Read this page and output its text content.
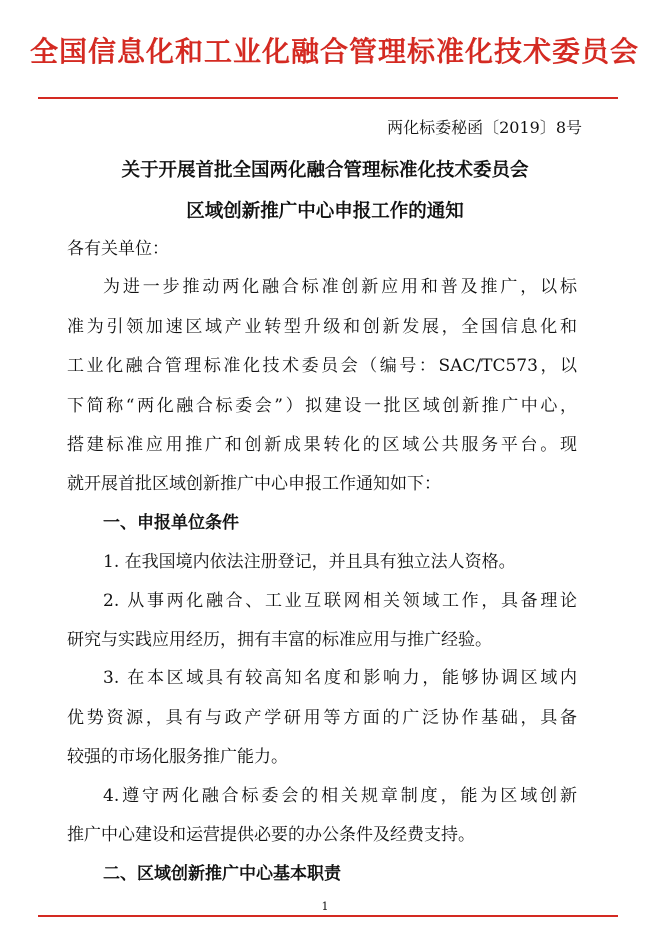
全国信息化和工业化融合管理标准化技术委员会
两化标委秘函〔2019〕8号
关于开展首批全国两化融合管理标准化技术委员会
区域创新推广中心申报工作的通知
各有关单位：
为进一步推动两化融合标准创新应用和普及推广，以标
准为引领加速区域产业转型升级和创新发展，全国信息化和
工业化融合管理标准化技术委员会（编号：SAC/TC573，以
下简称“两化融合标委会”）拟建设一批区域创新推广中心，
搭建标准应用推广和创新成果转化的区域公共服务平台。现
就开展首批区域创新推广中心申报工作通知如下：
一、申报单位条件
1. 在我国境内依法注册登记，并且具有独立法人资格。
2. 从事两化融合、工业互联网相关领域工作，具备理论
研究与实践应用经历，拥有丰富的标准应用与推广经验。
3. 在本区域具有较高知名度和影响力，能够协调区域内
优势资源，具有与政产学研用等方面的广泛协作基础，具备
较强的市场化服务推广能力。
4.遵守两化融合标委会的相关规章制度，能为区域创新
推广中心建设和运营提供必要的办公条件及经费支持。
二、区域创新推广中心基本职责
1
